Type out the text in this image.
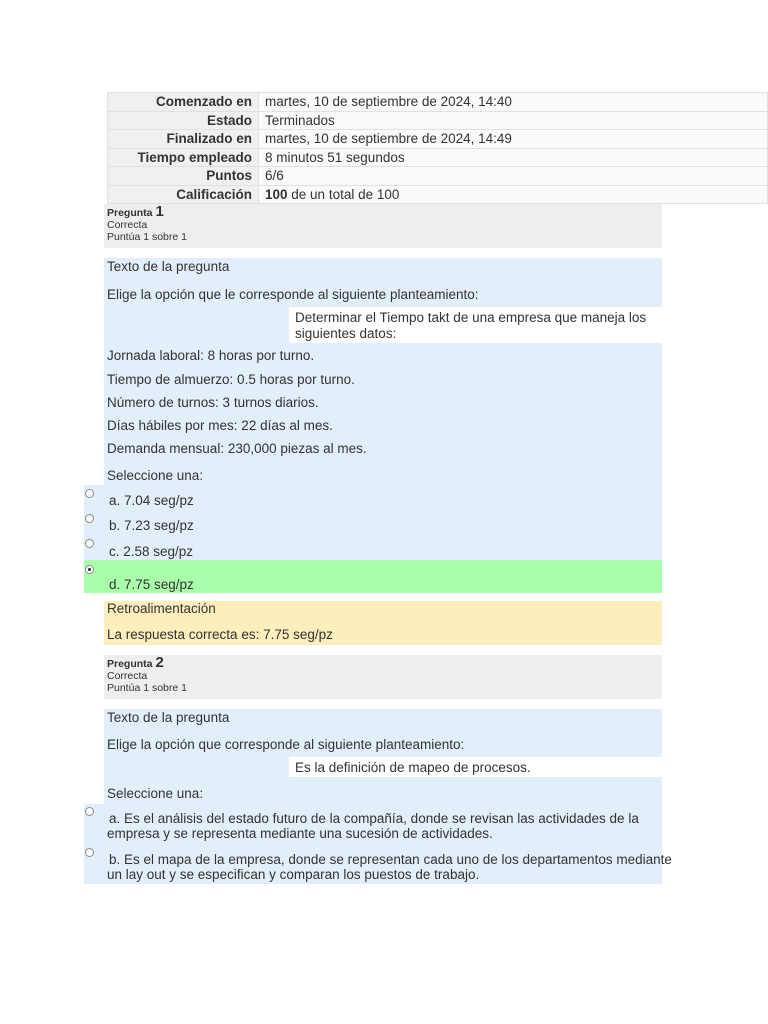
Comenzado en	martes, 10 de septiembre de 2024, 14:40
Estado	Terminados
Finalizado en	martes, 10 de septiembre de 2024, 14:49
Tiempo empleado	8 minutos 51 segundos
Puntos	6/6
Calificación	100 de un total de 100
Pregunta 1
Correcta
Puntúa 1 sobre 1
Texto de la pregunta
Elige la opción que le corresponde al siguiente planteamiento:
Determinar el Tiempo takt de una empresa que maneja los
siguientes datos:
Jornada laboral: 8 horas por turno.
Tiempo de almuerzo: 0.5 horas por turno.
Número de turnos: 3 turnos diarios.
Días hábiles por mes: 22 días al mes.
Demanda mensual: 230,000 piezas al mes.
Seleccione una:
a. 7.04 seg/pz
b. 7.23 seg/pz
c. 2.58 seg/pz
d. 7.75 seg/pz
Retroalimentación
La respuesta correcta es: 7.75 seg/pz
Pregunta 2
Correcta
Puntúa 1 sobre 1
Texto de la pregunta
Elige la opción que corresponde al siguiente planteamiento:
Es la definición de mapeo de procesos.
Seleccione una:
a. Es el análisis del estado futuro de la compañía, donde se revisan las actividades de la
empresa y se representa mediante una sucesión de actividades.
b. Es el mapa de la empresa, donde se representan cada uno de los departamentos mediante
un lay out y se especifican y comparan los puestos de trabajo.
